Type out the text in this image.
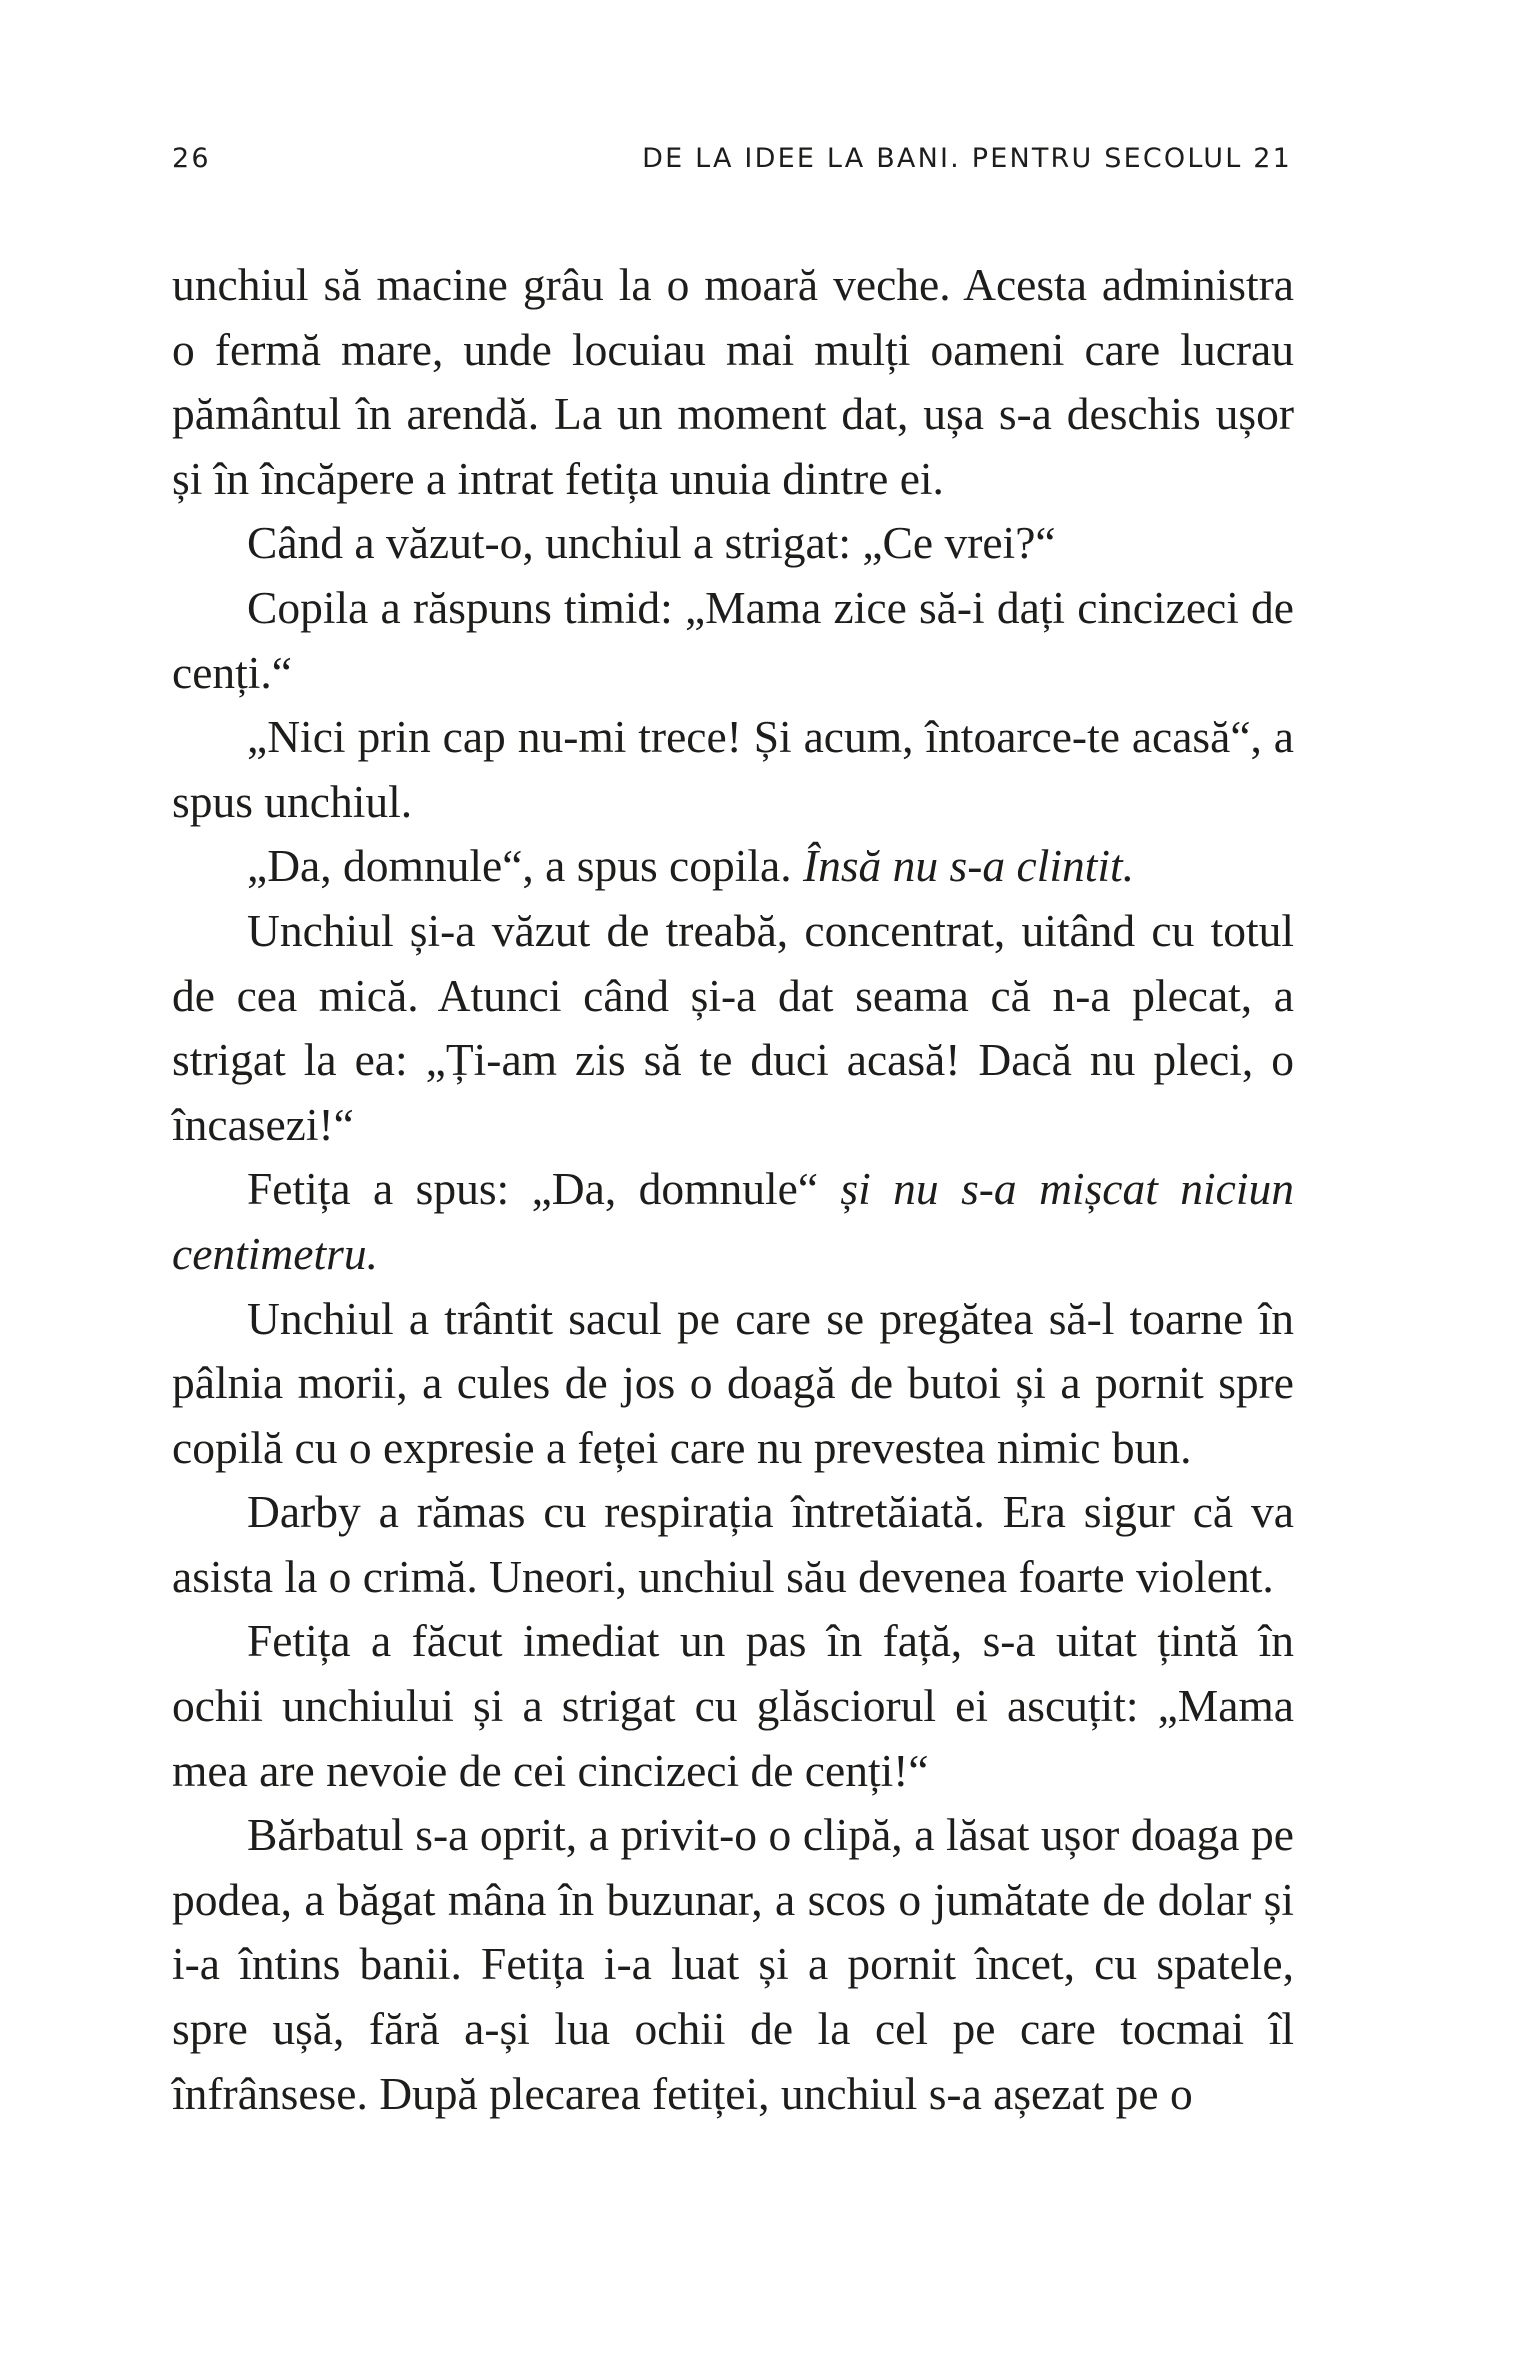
26	DE LA IDEE LA BANI. PENTRU SECOLUL 21

unchiul să macine grâu la o moară veche. Acesta administra o fermă mare, unde locuiau mai mulți oameni care lucrau pământul în arendă. La un moment dat, ușa s-a deschis ușor și în încăpere a intrat fetița unuia dintre ei.

Când a văzut-o, unchiul a strigat: „Ce vrei?“

Copila a răspuns timid: „Mama zice să-i dați cincizeci de cenți.“

„Nici prin cap nu-mi trece! Și acum, întoarce-te acasă“, a spus unchiul.

„Da, domnule“, a spus copila. Însă nu s-a clintit.

Unchiul și-a văzut de treabă, concentrat, uitând cu totul de cea mică. Atunci când și-a dat seama că n-a plecat, a strigat la ea: „Ți-am zis să te duci acasă! Dacă nu pleci, o încasezi!“

Fetița a spus: „Da, domnule“ și nu s-a mișcat niciun centimetru.

Unchiul a trântit sacul pe care se pregătea să-l toarne în pâlnia morii, a cules de jos o doagă de butoi și a pornit spre copilă cu o expresie a feței care nu prevestea nimic bun.

Darby a rămas cu respirația întretăiată. Era sigur că va asista la o crimă. Uneori, unchiul său devenea foarte violent.

Fetița a făcut imediat un pas în față, s-a uitat țintă în ochii unchiului și a strigat cu glăsciorul ei ascuțit: „Mama mea are nevoie de cei cincizeci de cenți!“

Bărbatul s-a oprit, a privit-o o clipă, a lăsat ușor doaga pe podea, a băgat mâna în buzunar, a scos o jumătate de dolar și i-a întins banii. Fetița i-a luat și a pornit încet, cu spatele, spre ușă, fără a-și lua ochii de la cel pe care tocmai îl înfrânsese. După plecarea fetiței, unchiul s-a așezat pe o
